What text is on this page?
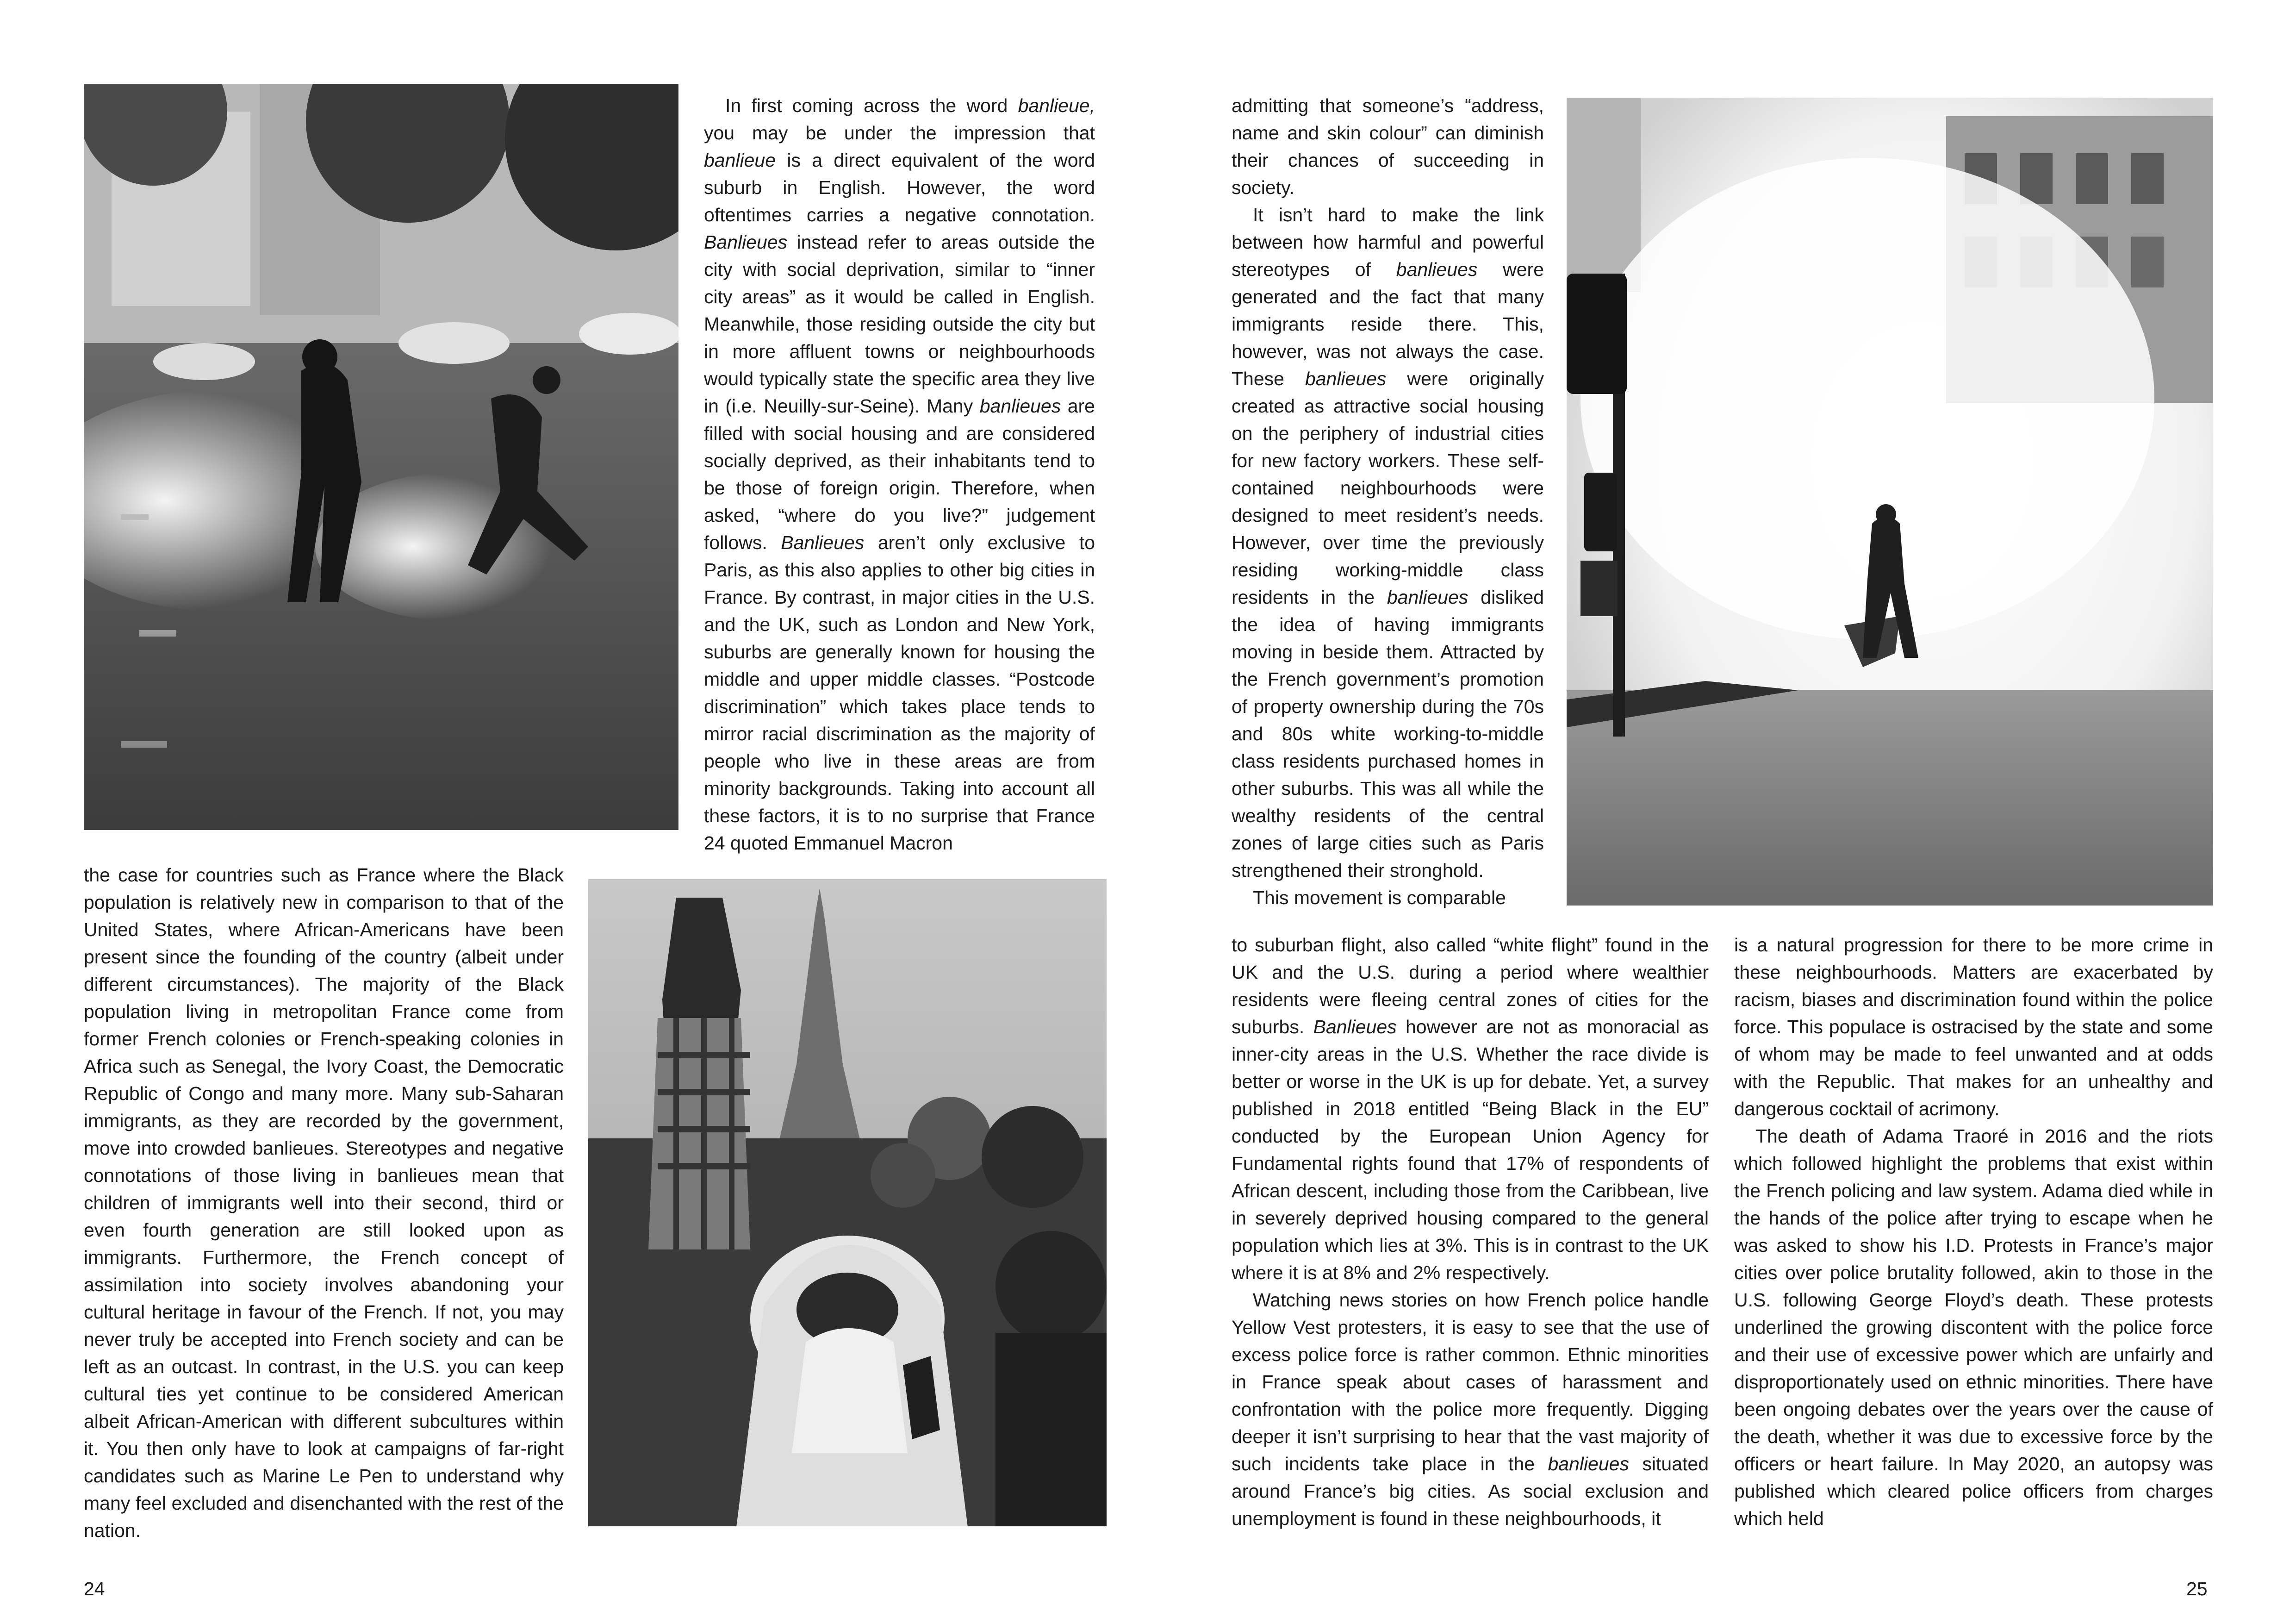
In first coming across the word banlieue, you may be under the impression that banlieue is a direct equivalent of the word suburb in English. However, the word oftentimes carries a negative connotation. Banlieues instead refer to areas outside the city with social deprivation, similar to “inner city areas” as it would be called in English. Meanwhile, those residing outside the city but in more affluent towns or neighbourhoods would typically state the specific area they live in (i.e. Neuilly-sur-Seine). Many banlieues are filled with social housing and are considered socially deprived, as their inhabitants tend to be those of foreign origin. Therefore, when asked, “where do you live?” judgement follows. Banlieues aren’t only exclusive to Paris, as this also applies to other big cities in France. By contrast, in major cities in the U.S. and the UK, such as London and New York, suburbs are generally known for housing the middle and upper middle classes. “Postcode discrimination” which takes place tends to mirror racial discrimination as the majority of people who live in these areas are from minority backgrounds. Taking into account all these factors, it is to no surprise that France 24 quoted Emmanuel Macron

the case for countries such as France where the Black population is relatively new in comparison to that of the United States, where African-Americans have been present since the founding of the country (albeit under different circumstances). The majority of the Black population living in metropolitan France come from former French colonies or French-speaking colonies in Africa such as Senegal, the Ivory Coast, the Democratic Republic of Congo and many more. Many sub-Saharan immigrants, as they are recorded by the government, move into crowded banlieues. Stereotypes and negative connotations of those living in banlieues mean that children of immigrants well into their second, third or even fourth generation are still looked upon as immigrants. Furthermore, the French concept of assimilation into society involves abandoning your cultural heritage in favour of the French. If not, you may never truly be accepted into French society and can be left as an outcast. In contrast, in the U.S. you can keep cultural ties yet continue to be considered American albeit African-American with different subcultures within it. You then only have to look at campaigns of far-right candidates such as Marine Le Pen to understand why many feel excluded and disenchanted with the rest of the nation.

admitting that someone’s “address, name and skin colour” can diminish their chances of succeeding in society.

It isn’t hard to make the link between how harmful and powerful stereotypes of banlieues were generated and the fact that many immigrants reside there. This, however, was not always the case. These banlieues were originally created as attractive social housing on the periphery of industrial cities for new factory workers. These self-contained neighbourhoods were designed to meet resident’s needs. However, over time the previously residing working-middle class residents in the banlieues disliked the idea of having immigrants moving in beside them. Attracted by the French government’s promotion of property ownership during the 70s and 80s white working-to-middle class residents purchased homes in other suburbs. This was all while the wealthy residents of the central zones of large cities such as Paris strengthened their stronghold.

This movement is comparable

to suburban flight, also called “white flight” found in the UK and the U.S. during a period where wealthier residents were fleeing central zones of cities for the suburbs. Banlieues however are not as monoracial as inner-city areas in the U.S. Whether the race divide is better or worse in the UK is up for debate. Yet, a survey published in 2018 entitled “Being Black in the EU” conducted by the European Union Agency for Fundamental rights found that 17% of respondents of African descent, including those from the Caribbean, live in severely deprived housing compared to the general population which lies at 3%. This is in contrast to the UK where it is at 8% and 2% respectively.

Watching news stories on how French police handle Yellow Vest protesters, it is easy to see that the use of excess police force is rather common. Ethnic minorities in France speak about cases of harassment and confrontation with the police more frequently. Digging deeper it isn’t surprising to hear that the vast majority of such incidents take place in the banlieues situated around France’s big cities. As social exclusion and unemployment is found in these neighbourhoods, it

is a natural progression for there to be more crime in these neighbourhoods. Matters are exacerbated by racism, biases and discrimination found within the police force. This populace is ostracised by the state and some of whom may be made to feel unwanted and at odds with the Republic. That makes for an unhealthy and dangerous cocktail of acrimony.

The death of Adama Traoré in 2016 and the riots which followed highlight the problems that exist within the French policing and law system. Adama died while in the hands of the police after trying to escape when he was asked to show his I.D. Protests in France’s major cities over police brutality followed, akin to those in the U.S. following George Floyd’s death. These protests underlined the growing discontent with the police force and their use of excessive power which are unfairly and disproportionately used on ethnic minorities. There have been ongoing debates over the years over the cause of the death, whether it was due to excessive force by the officers or heart failure. In May 2020, an autopsy was published which cleared police officers from charges which held

24	25
